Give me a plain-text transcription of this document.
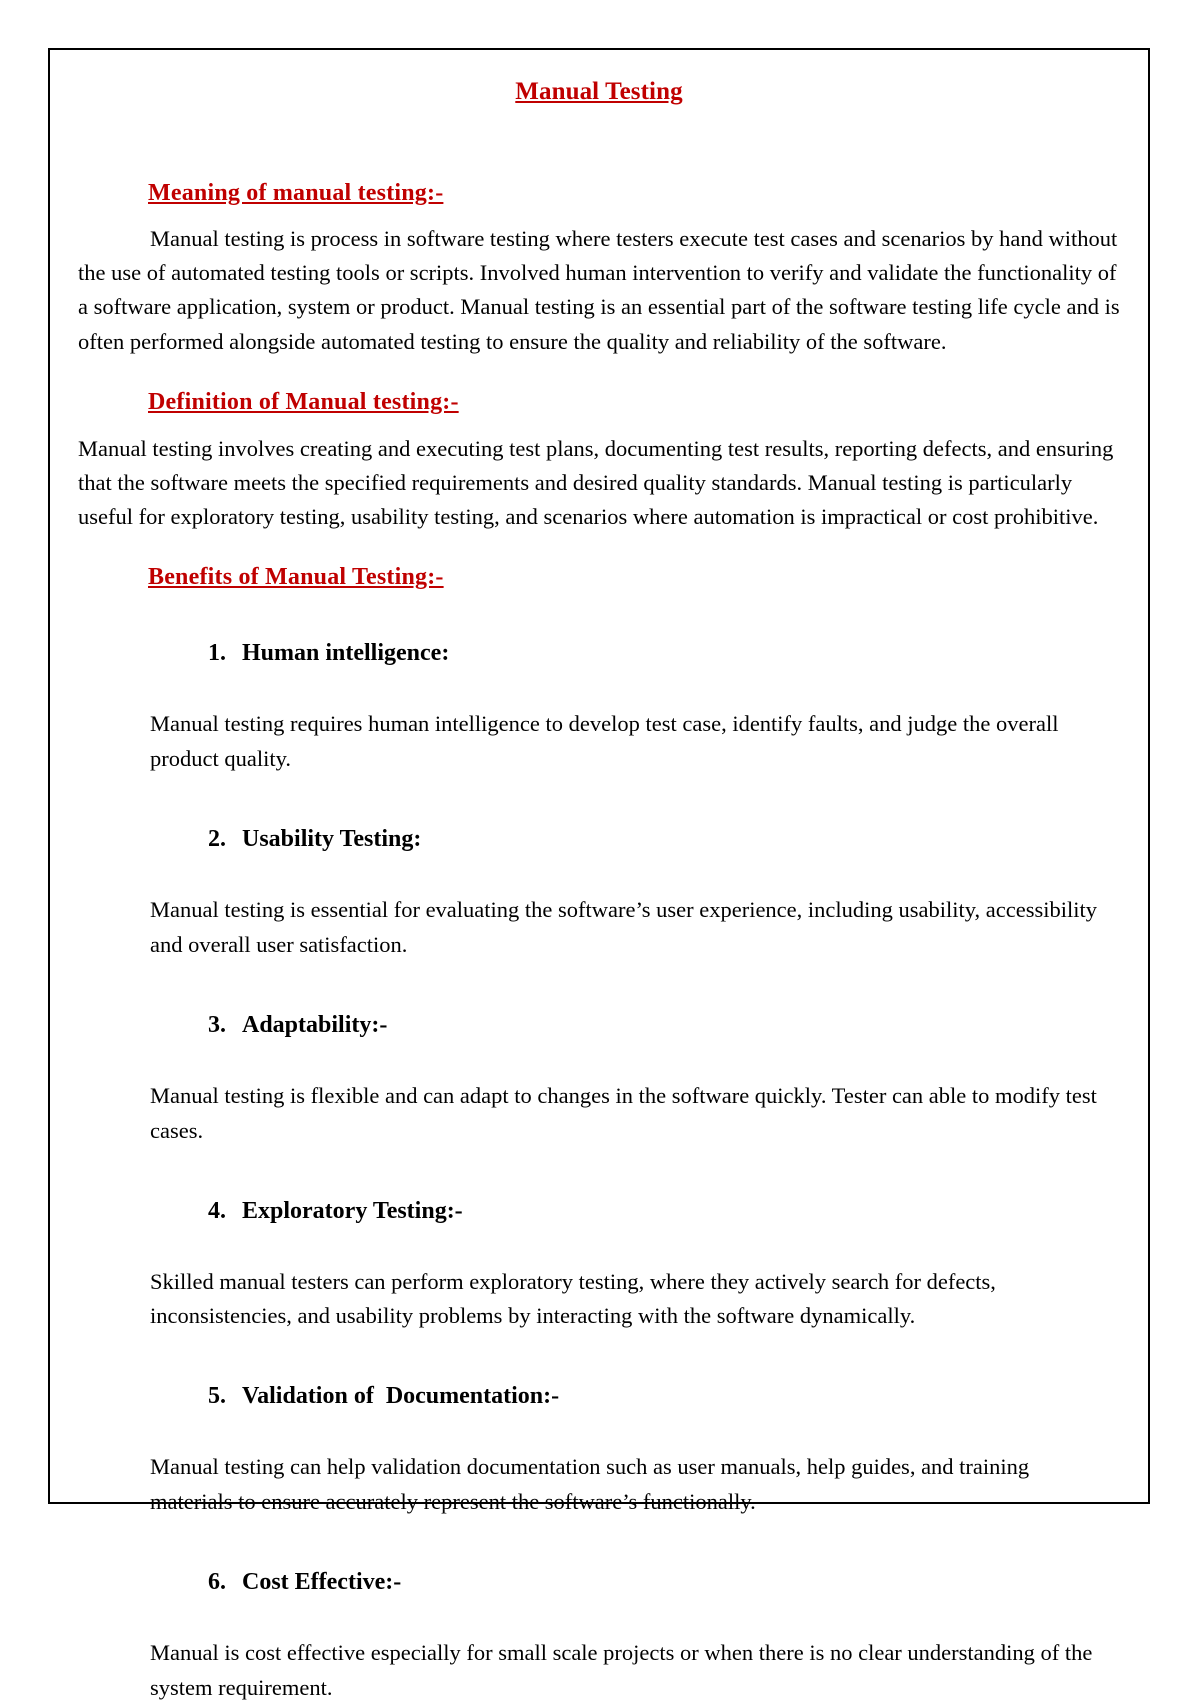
Manual Testing
Meaning of manual testing:-
Manual testing is process in software testing where testers execute test cases and scenarios by hand without the use of automated testing tools or scripts. Involved human intervention to verify and validate the functionality of a software application, system or product. Manual testing is an essential part of the software testing life cycle and is often performed alongside automated testing to ensure the quality and reliability of the software.
Definition of Manual testing:-
Manual testing involves creating and executing test plans, documenting test results, reporting defects, and ensuring that the software meets the specified requirements and desired quality standards. Manual testing is particularly useful for exploratory testing, usability testing, and scenarios where automation is impractical or cost prohibitive.
Benefits of Manual Testing:-

1. Human intelligence:

Manual testing requires human intelligence to develop test case, identify faults, and judge the overall product quality.

2. Usability Testing:

Manual testing is essential for evaluating the software’s user experience, including usability, accessibility and overall user satisfaction.

3. Adaptability:-

Manual testing is flexible and can adapt to changes in the software quickly. Tester can able to modify test cases.

4. Exploratory Testing:-

Skilled manual testers can perform exploratory testing, where they actively search for defects, inconsistencies, and usability problems by interacting with the software dynamically.

5. Validation of  Documentation:-

Manual testing can help validation documentation such as user manuals, help guides, and training materials to ensure accurately represent the software’s functionally.

6. Cost Effective:-

Manual is cost effective especially for small scale projects or when there is no clear understanding of the system requirement.
